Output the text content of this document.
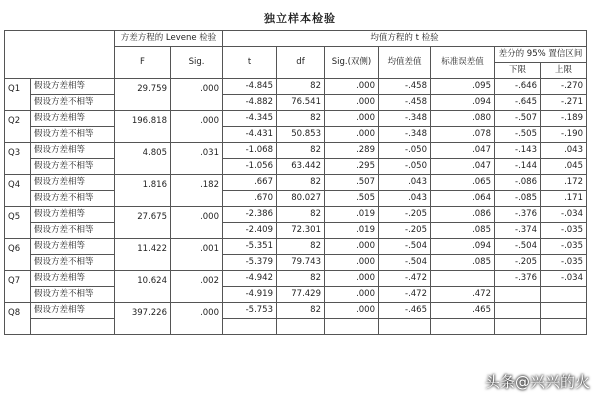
独立样本检验
		方差方程的 Levene 检验		均值方程的 t 检验						
		F	Sig.	t	df	Sig.(双侧)	均值差值	标准误差值	差分的 95% 置信区间	
									下限	上限
Q1	假设方差相等	29.759	.000	-4.845	82	.000	-.458	.095	-.646	-.270
	假设方差不相等			-4.882	76.541	.000	-.458	.094	-.645	-.271
Q2	假设方差相等	196.818	.000	-4.345	82	.000	-.348	.080	-.507	-.189
	假设方差不相等			-4.431	50.853	.000	-.348	.078	-.505	-.190
Q3	假设方差相等	4.805	.031	-1.068	82	.289	-.050	.047	-.143	.043
	假设方差不相等			-1.056	63.442	.295	-.050	.047	-.144	.045
Q4	假设方差相等	1.816	.182	.667	82	.507	.043	.065	-.086	.172
	假设方差不相等			.670	80.027	.505	.043	.064	-.085	.171
Q5	假设方差相等	27.675	.000	-2.386	82	.019	-.205	.086	-.376	-.034
	假设方差不相等			-2.409	72.301	.019	-.205	.085	-.374	-.035
Q6	假设方差相等	11.422	.001	-5.351	82	.000	-.504	.094	-.504	-.035
	假设方差不相等			-5.379	79.743	.000	-.504	.085	-.205	-.035
Q7	假设方差相等	10.624	.002	-4.942	82	.000	-.472		-.376	-.034
	假设方差不相等			-4.919	77.429	.000	-.472	.472		
Q8	假设方差相等	397.226	.000	-5.753	82	.000	-.465	.465		

头条@兴兴的火
